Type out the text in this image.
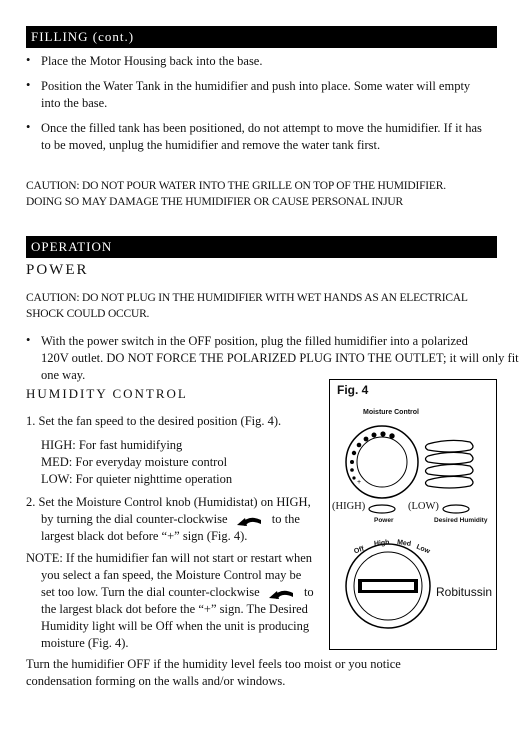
FILLING (cont.)
• Place the Motor Housing back into the base.
• Position the Water Tank in the humidifier and push into place. Some water will empty into the base.
• Once the filled tank has been positioned, do not attempt to move the humidifier. If it has to be moved, unplug the humidifier and remove the water tank first.
CAUTION: DO NOT POUR WATER INTO THE GRILLE ON TOP OF THE HUMIDIFIER.
DOING SO MAY DAMAGE THE HUMIDIFIER OR CAUSE PERSONAL INJUR
OPERATION
POWER
CAUTION: DO NOT PLUG IN THE HUMIDIFIER WITH WET HANDS AS AN ELECTRICAL
SHOCK COULD OCCUR.
• With the power switch in the OFF position, plug the filled humidifier into a polarized
120V outlet. DO NOT FORCE THE POLARIZED PLUG INTO THE OUTLET; it will only fit
one way.
HUMIDITY CONTROL
1. Set the fan speed to the desired position (Fig. 4).
HIGH: For fast humidifying
MED: For everyday moisture control
LOW: For quieter nighttime operation
2. Set the Moisture Control knob (Humidistat) on HIGH,
by turning the dial counter-clockwise	to the
largest black dot before “+” sign (Fig. 4).
NOTE: If the humidifier fan will not start or restart when
you select a fan speed, the Moisture Control may be
set too low. Turn the dial counter-clockwise	to
the largest black dot before the “+” sign. The Desired
Humidity light will be Off when the unit is producing
moisture (Fig. 4).
Turn the humidifier OFF if the humidity level feels too moist or you notice
condensation forming on the walls and/or windows.
+
Fig. 4
Moisture Control
(HIGH)	(LOW)
Power	Desired Humidity
Off
High Med
Low
Robitussin
